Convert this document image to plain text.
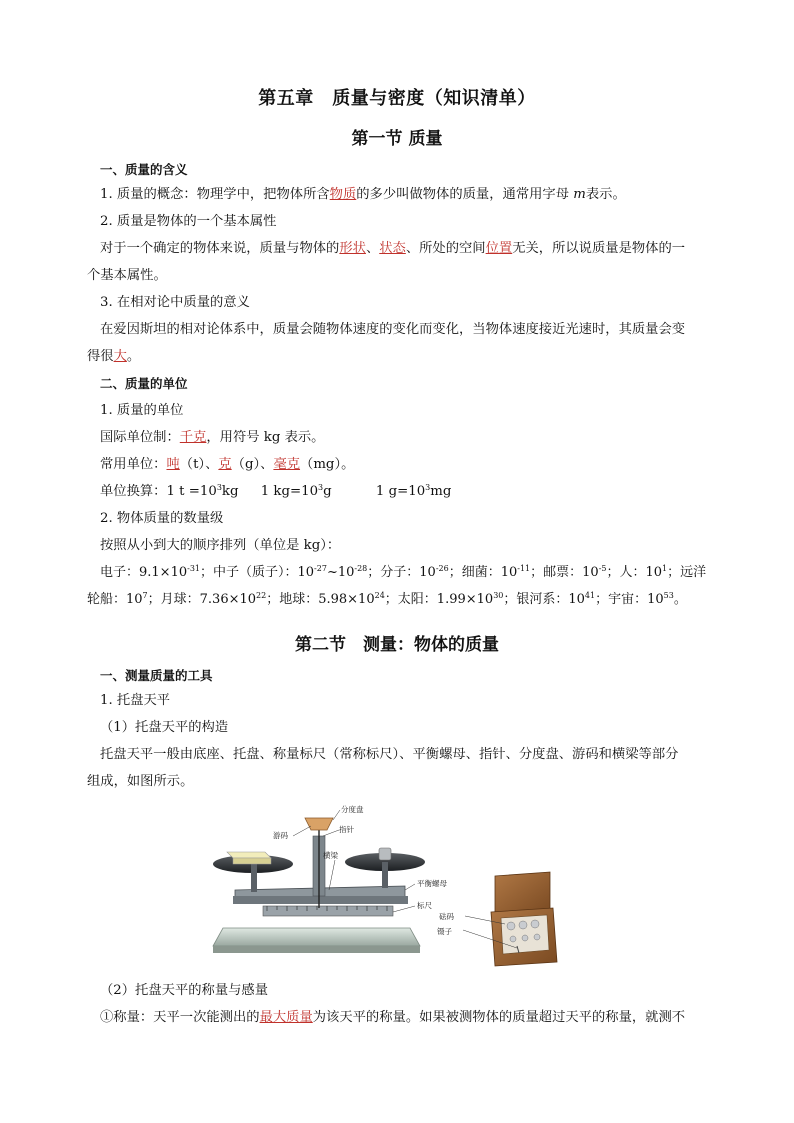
第五章　质量与密度（知识清单）
第一节 质量
一、质量的含义
1. 质量的概念：物理学中，把物体所含物质的多少叫做物体的质量，通常用字母 m表示。
2. 质量是物体的一个基本属性
对于一个确定的物体来说，质量与物体的形状、状态、所处的空间位置无关，所以说质量是物体的一
个基本属性。
3. 在相对论中质量的意义
在爱因斯坦的相对论体系中，质量会随物体速度的变化而变化，当物体速度接近光速时，其质量会变
得很大。
二、质量的单位
1. 质量的单位
国际单位制：千克，用符号 kg 表示。
常用单位：吨（t）、克（g）、毫克（mg）。
单位换算：1 $t =10^3kg$ 1 $kg=10^3g$	1 $g=10^3mg$
2. 物体质量的数量级
按照从小到大的顺序排列（单位是 kg）：
电子：$9.1\times 10^{-31}$；中子（质子）：$10^{-27}\sim 10^{-28}$；分子：$10^{-26}$；细菌：$10^{-11}$；邮票：$10^{-5}$；人：$10^1$；远洋
轮船：$10^7$；月球：$7.36\times 10^{22}$；地球：$5.98\times 10^{24}$；太阳：$1.99\times 10^{30}$；银河系：$10^{41}$；宇宙：$10^{53}$。
第二节　测量：物体的质量
一、测量质量的工具
1. 托盘天平
（1）托盘天平的构造
托盘天平一般由底座、托盘、称量标尺（常称标尺）、平衡螺母、指针、分度盘、游码和横梁等部分
组成，如图所示。
分度盘
游码
指针
横梁
平衡螺母
标尺
砝码
镊子
（2）托盘天平的称量与感量
①称量：天平一次能测出的最大质量为该天平的称量。如果被测物体的质量超过天平的称量，就测不
